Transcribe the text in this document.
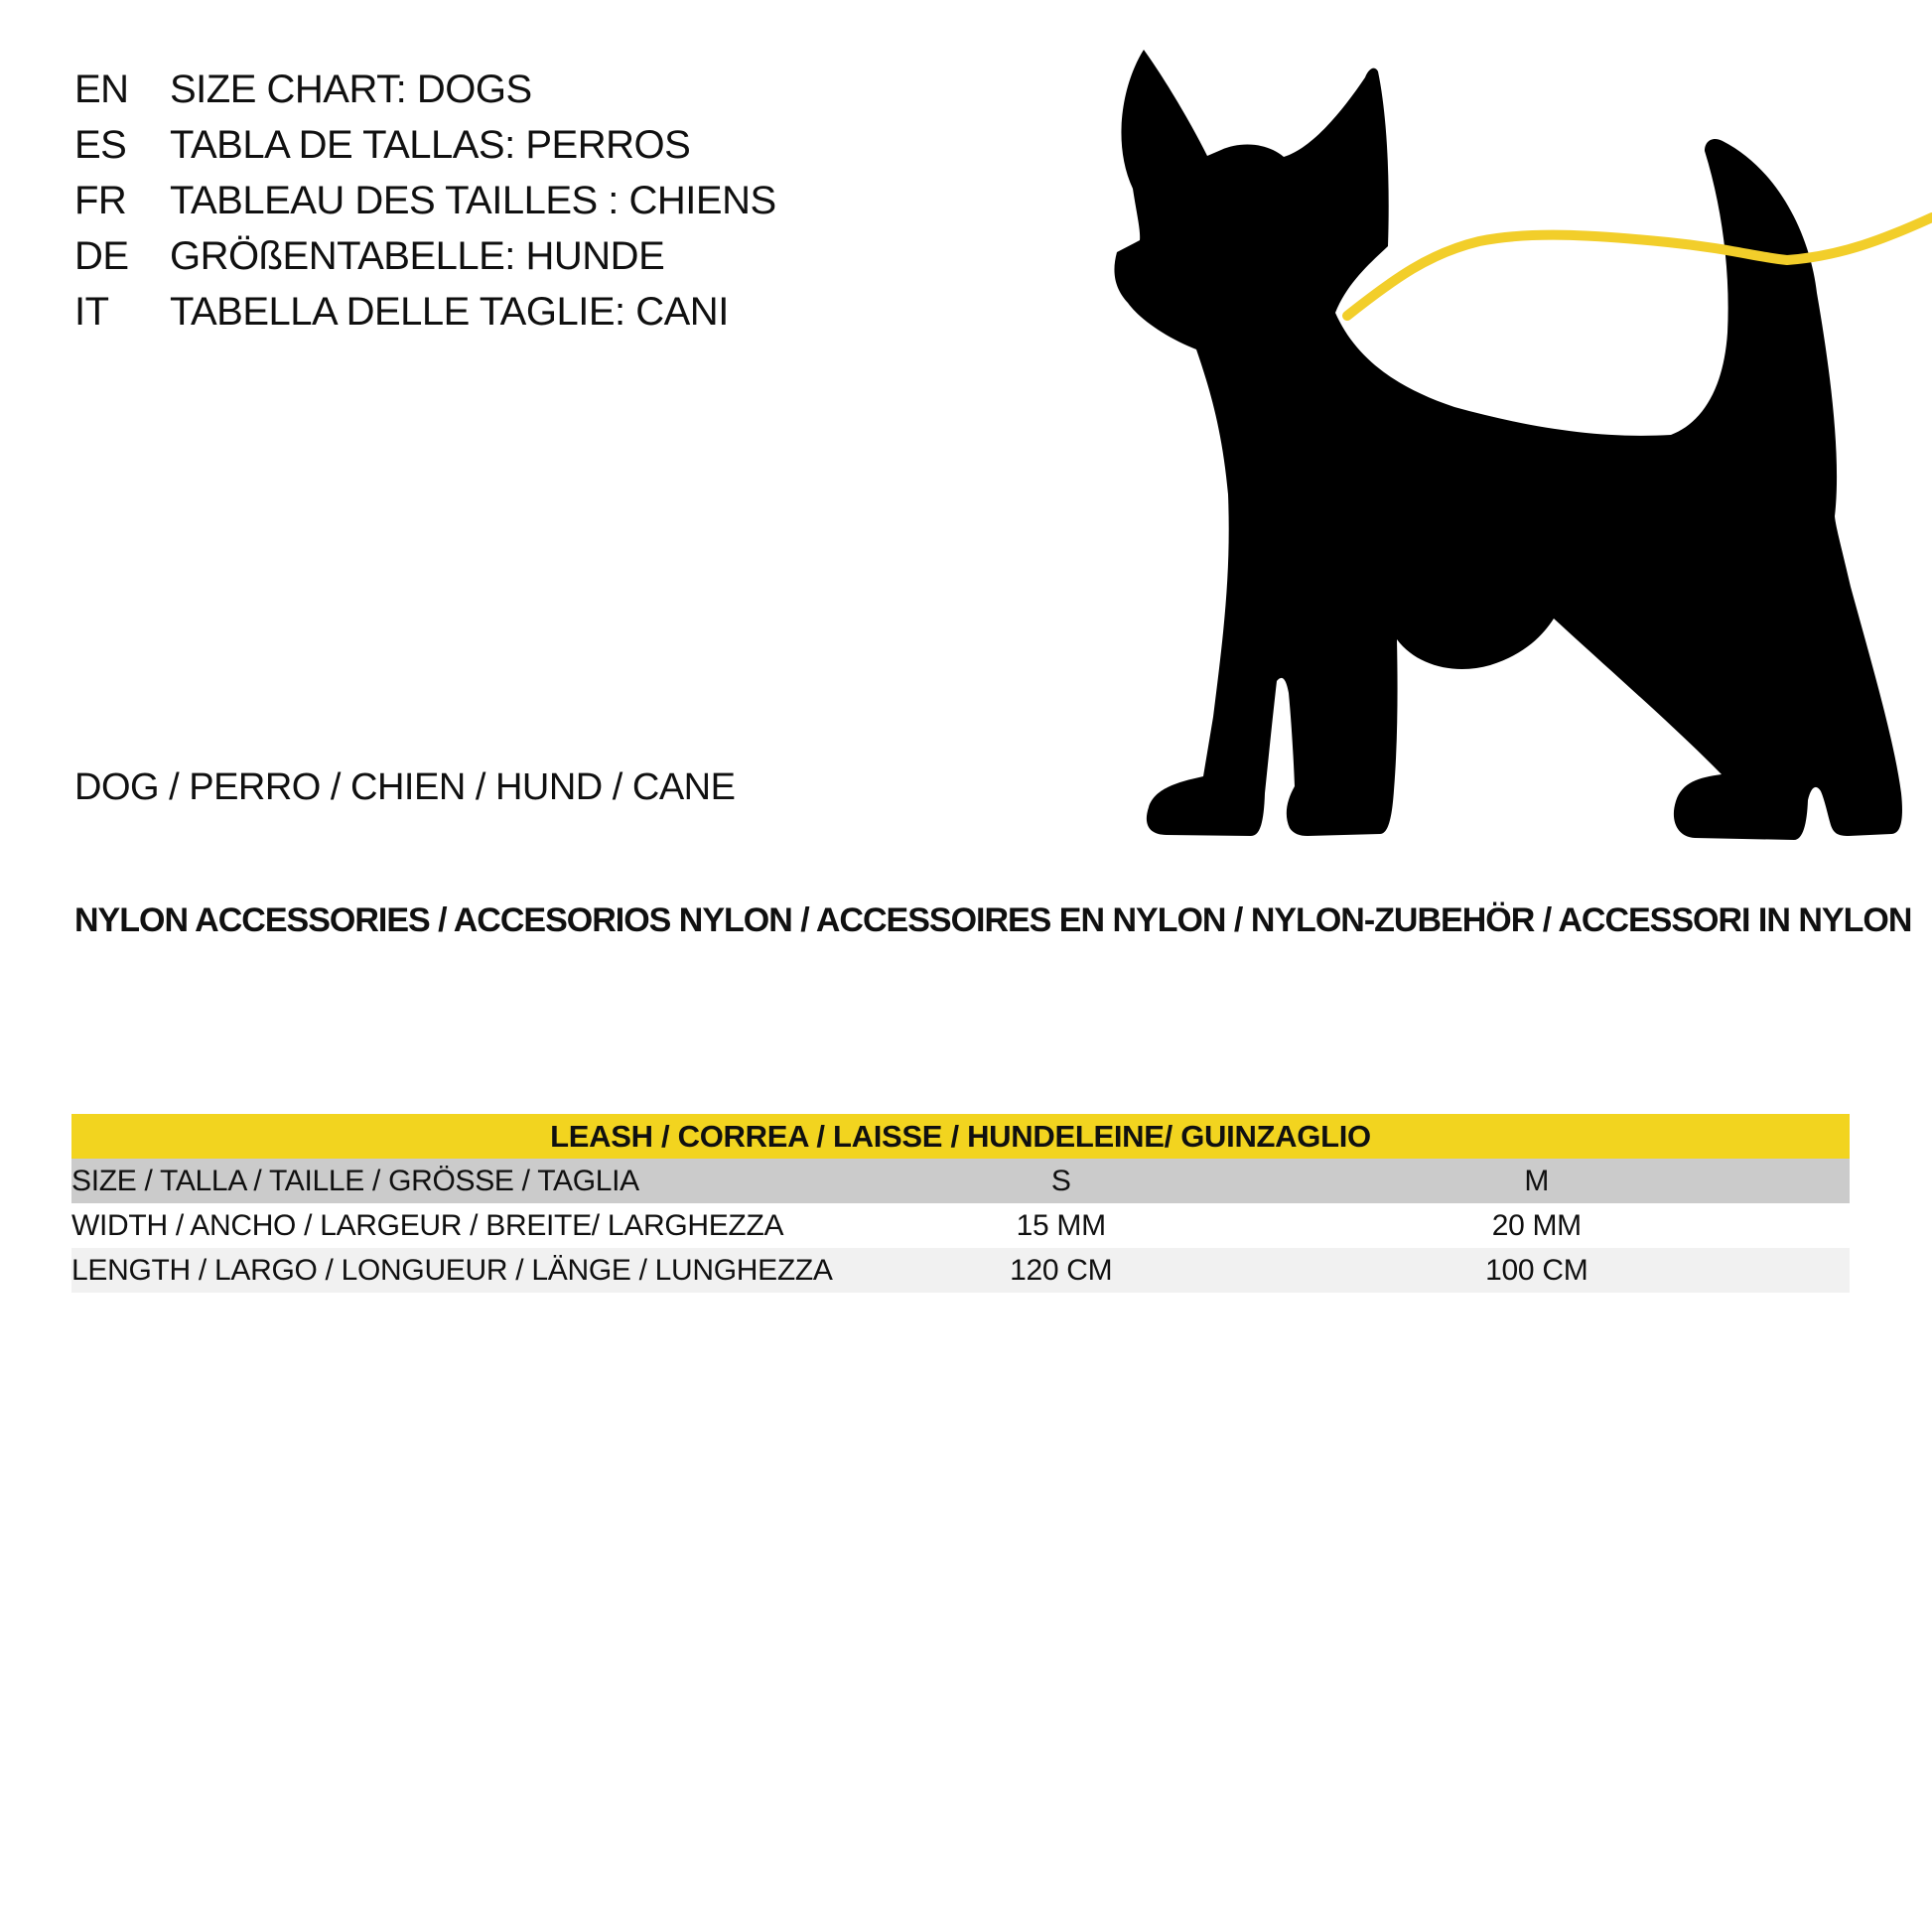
EN	SIZE CHART: DOGS
ES	TABLA DE TALLAS: PERROS
FR	TABLEAU DES TAILLES : CHIENS
DE	GRÖßENTABELLE: HUNDE
IT	TABELLA DELLE TAGLIE: CANI
DOG / PERRO / CHIEN / HUND / CANE
NYLON ACCESSORIES / ACCESORIOS NYLON / ACCESSOIRES EN NYLON / NYLON-ZUBEHÖR / ACCESSORI IN NYLON
LEASH / CORREA / LAISSE / HUNDELEINE/ GUINZAGLIO		
SIZE / TALLA / TAILLE / GRÖSSE / TAGLIA	S	M
WIDTH / ANCHO / LARGEUR / BREITE/ LARGHEZZA	15 MM	20 MM
LENGTH / LARGO / LONGUEUR / LÄNGE / LUNGHEZZA	120 CM	100 CM
